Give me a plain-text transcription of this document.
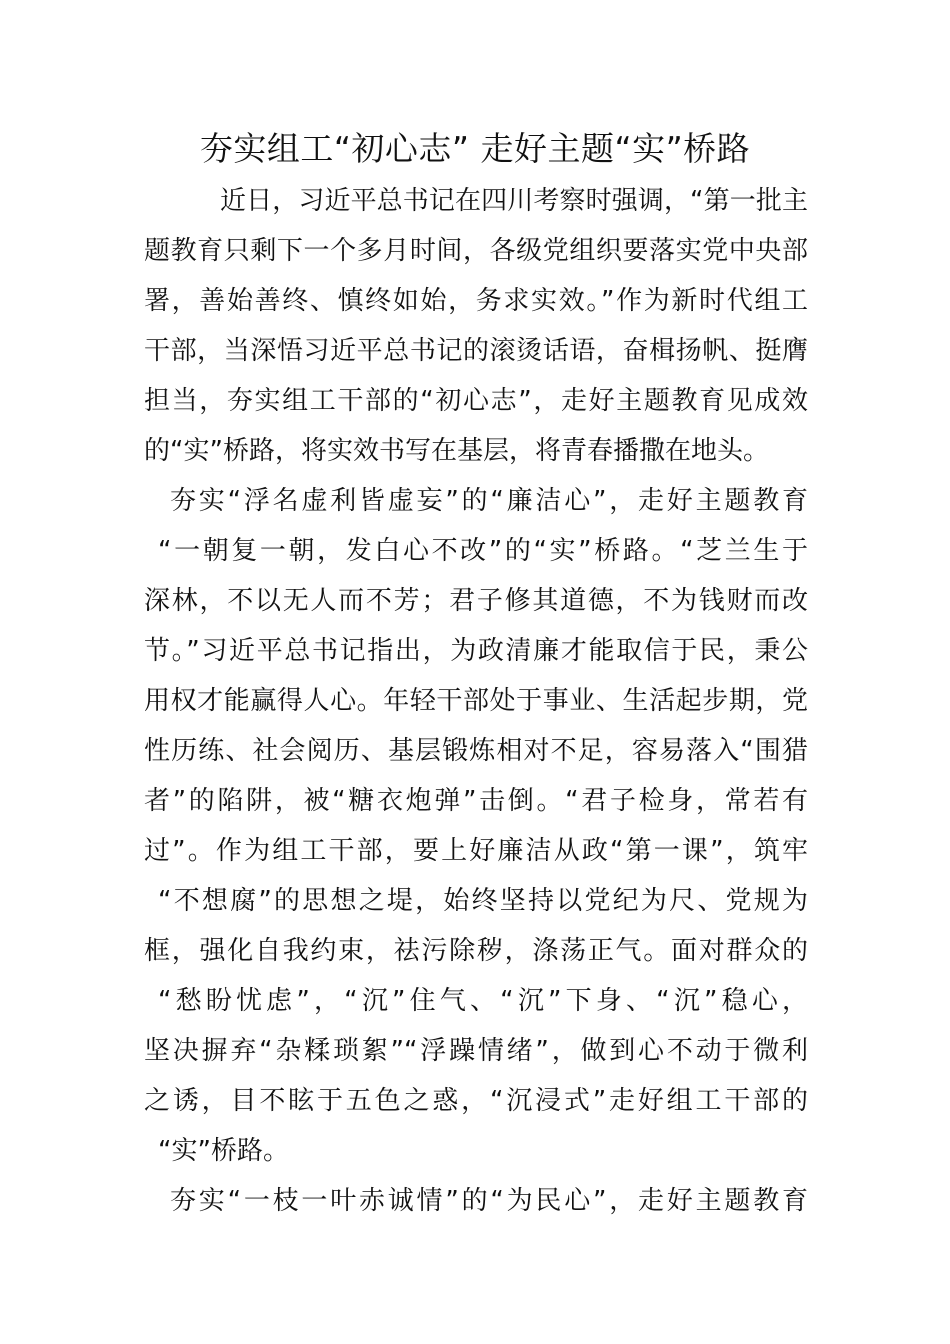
夯实组工“初心志” 走好主题“实”桥路
近日，习近平总书记在四川考察时强调，“第一批主
题教育只剩下一个多月时间，各级党组织要落实党中央部
署，善始善终、慎终如始，务求实效。”作为新时代组工
干部，当深悟习近平总书记的滚烫话语，奋楫扬帆、挺膺
担当，夯实组工干部的“初心志”，走好主题教育见成效
的“实”桥路，将实效书写在基层，将青春播撒在地头。
夯实“浮名虚利皆虚妄”的“廉洁心”，走好主题教育
“一朝复一朝，发白心不改”的“实”桥路。“芝兰生于
深林，不以无人而不芳；君子修其道德，不为钱财而改
节。”习近平总书记指出，为政清廉才能取信于民，秉公
用权才能赢得人心。年轻干部处于事业、生活起步期，党
性历练、社会阅历、基层锻炼相对不足，容易落入“围猎
者”的陷阱，被“糖衣炮弹”击倒。“君子检身，常若有
过”。作为组工干部，要上好廉洁从政“第一课”，筑牢
“不想腐”的思想之堤，始终坚持以党纪为尺、党规为
框，强化自我约束，祛污除秽，涤荡正气。面对群众的
“愁盼忧虑”，“沉”住气、“沉”下身、“沉”稳心，
坚决摒弃“杂糅琐絮”“浮躁情绪”，做到心不动于微利
之诱，目不眩于五色之惑，“沉浸式”走好组工干部的
“实”桥路。
夯实“一枝一叶赤诚情”的“为民心”，走好主题教育
